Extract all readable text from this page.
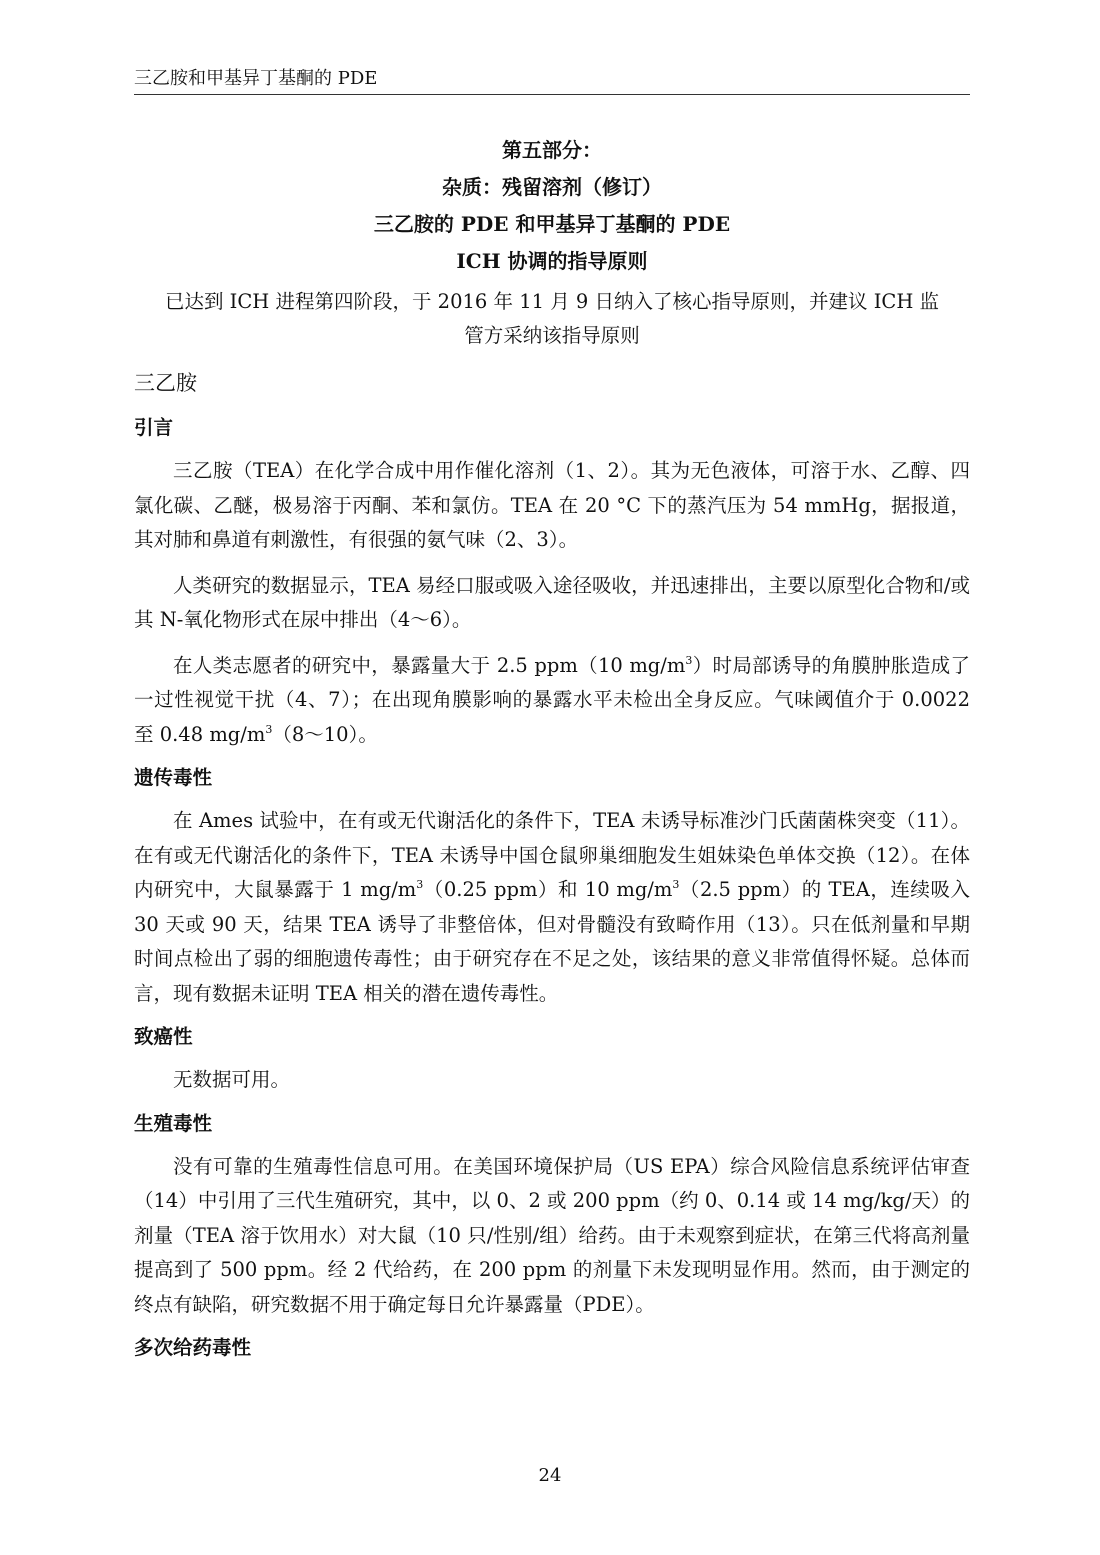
三乙胺和甲基异丁基酮的 PDE
第五部分：
杂质：残留溶剂（修订）
三乙胺的 PDE 和甲基异丁基酮的 PDE
ICH 协调的指导原则
已达到 ICH 进程第四阶段，于 2016 年 11 月 9 日纳入了核心指导原则，并建议 ICH 监
管方采纳该指导原则
三乙胺
引言

三乙胺（TEA）在化学合成中用作催化溶剂（1、2）。其为无色液体，可溶于水、乙醇、四氯化碳、乙醚，极易溶于丙酮、苯和氯仿。TEA 在 20 °C 下的蒸汽压为 54 mmHg，据报道，其对肺和鼻道有刺激性，有很强的氨气味（2、3）。

人类研究的数据显示，TEA 易经口服或吸入途径吸收，并迅速排出，主要以原型化合物和/或其 N-氧化物形式在尿中排出（4～6）。

在人类志愿者的研究中，暴露量大于 2.5 ppm（10 $mg/m^3$）时局部诱导的角膜肿胀造成了一过性视觉干扰（4、7）；在出现角膜影响的暴露水平未检出全身反应。气味阈值介于 0.0022 至 0.48 $mg/m^3(8\sim 10)$。

遗传毒性

在 Ames 试验中，在有或无代谢活化的条件下，TEA 未诱导标准沙门氏菌菌株突变（11）。在有或无代谢活化的条件下，TEA 未诱导中国仓鼠卵巢细胞发生姐妹染色单体交换（12）。在体内研究中，大鼠暴露于 1 $mg/m^3(0.25$ ppm）和 10 $mg/m^3(2.5$ ppm）的 TEA，连续吸入 30 天或 90 天，结果 TEA 诱导了非整倍体，但对骨髓没有致畸作用（13）。只在低剂量和早期时间点检出了弱的细胞遗传毒性；由于研究存在不足之处，该结果的意义非常值得怀疑。总体而言，现有数据未证明 TEA 相关的潜在遗传毒性。

致癌性

无数据可用。

生殖毒性

没有可靠的生殖毒性信息可用。在美国环境保护局（US EPA）综合风险信息系统评估审查（14）中引用了三代生殖研究，其中，以 0、2 或 200 ppm（约 0、0.14 或 14 mg/kg/天）的剂量（TEA 溶于饮用水）对大鼠（10 只/性别/组）给药。由于未观察到症状，在第三代将高剂量提高到了 500 ppm。经 2 代给药，在 200 ppm 的剂量下未发现明显作用。然而，由于测定的终点有缺陷，研究数据不用于确定每日允许暴露量（PDE）。

多次给药毒性
24
